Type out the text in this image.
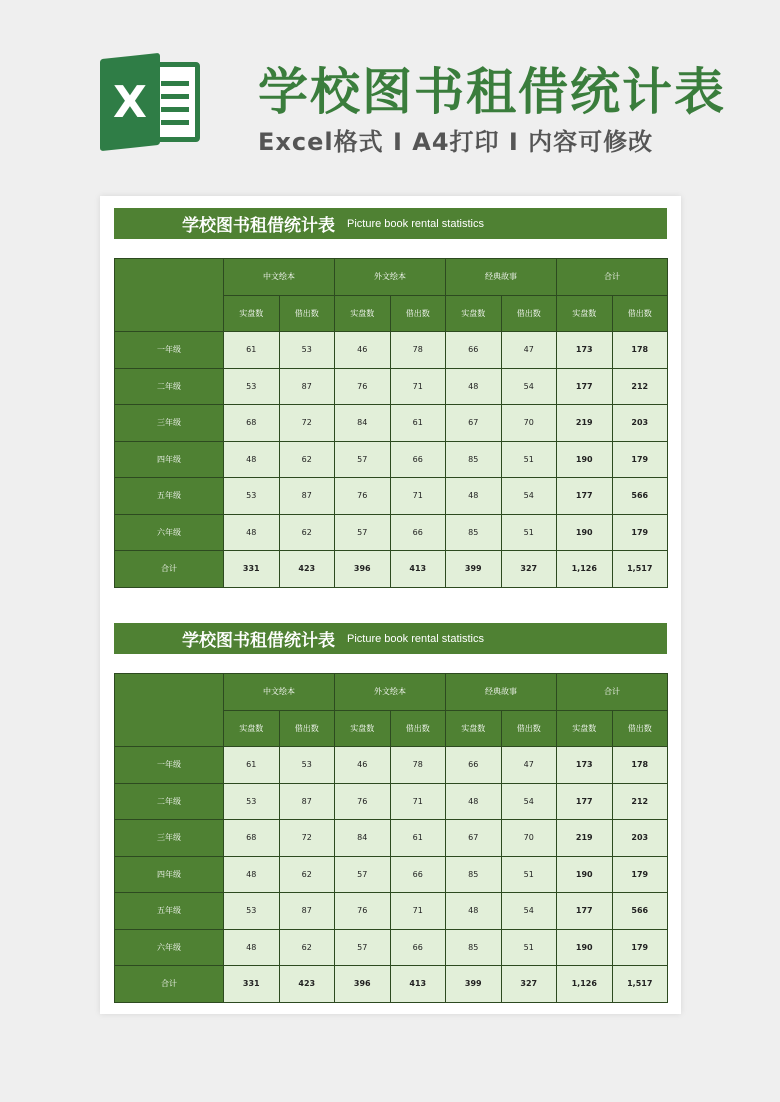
X 学校图书租借统计表
Excel格式 I A4打印 I 内容可修改
学校图书租借统计表 Picture book rental statistics
	中文绘本		外文绘本		经典故事		合计	
	实盘数	借出数	实盘数	借出数	实盘数	借出数	实盘数	借出数
一年级	61	53	46	78	66	47	173	178
二年级	53	87	76	71	48	54	177	212
三年级	68	72	84	61	67	70	219	203
四年级	48	62	57	66	85	51	190	179
五年级	53	87	76	71	48	54	177	566
六年级	48	62	57	66	85	51	190	179
合计	331	423	396	413	399	327	1,126	1,517
学校图书租借统计表 Picture book rental statistics
	中文绘本		外文绘本		经典故事		合计	
	实盘数	借出数	实盘数	借出数	实盘数	借出数	实盘数	借出数
一年级	61	53	46	78	66	47	173	178
二年级	53	87	76	71	48	54	177	212
三年级	68	72	84	61	67	70	219	203
四年级	48	62	57	66	85	51	190	179
五年级	53	87	76	71	48	54	177	566
六年级	48	62	57	66	85	51	190	179
合计	331	423	396	413	399	327	1,126	1,517
